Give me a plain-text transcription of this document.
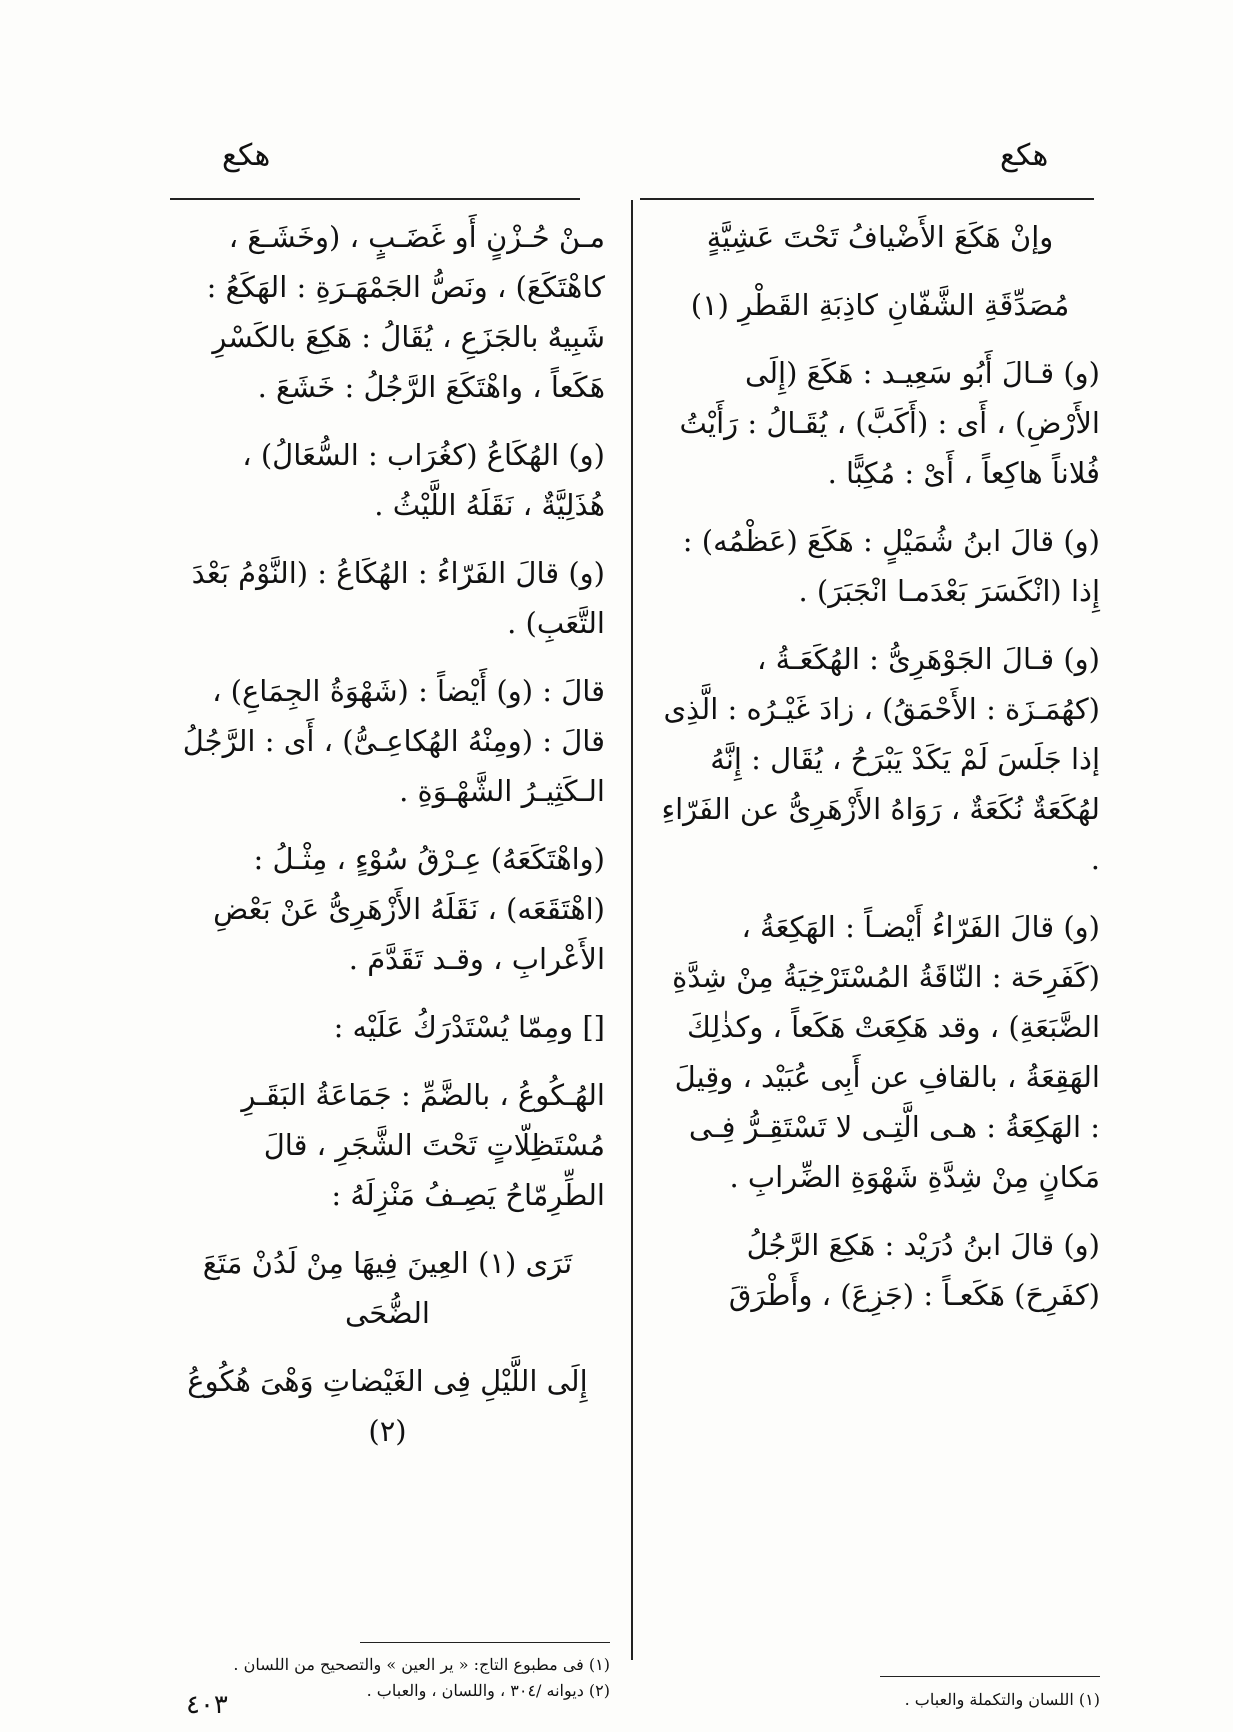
هكع	هكع

وإنْ هَكَعَ الأَضْيافُ تَحْتَ عَشِيَّةٍ

مُصَدِّقَةِ الشَّفّانِ كاذِبَةِ القَطْرِ (١)

(و) قـالَ أَبُو سَعِيـد : هَكَعَ (إِلَى الأَرْضِ) ، أَى : (أَكَبَّ) ، يُقَـالُ : رَأَيْتُ فُلاناً هاكِعاً ، أَىْ : مُكِبًّا .

(و) قالَ ابنُ شُمَيْلٍ : هَكَعَ (عَظْمُه) : إِذا (انْكَسَرَ بَعْدَمـا انْجَبَرَ) .

(و) قـالَ الجَوْهَرِىُّ : الهُكَعَـةُ ، (كهُمَـزَة : الأَحْمَقُ) ، زادَ غَيْـرُه : الَّذِى إذا جَلَسَ لَمْ يَكَدْ يَبْرَحُ ، يُقَال : إِنَّهُ لهُكَعَةٌ نُكَعَةٌ ، رَوَاهُ الأَزْهَرِىُّ عن الفَرّاءِ .

(و) قالَ الفَرّاءُ أَيْضـاً : الهَكِعَةُ ، (كَفَرِحَة : النّاقَةُ المُسْتَرْخِيَةُ مِنْ شِدَّةِ الضَّبَعَةِ) ، وقد هَكِعَتْ هَكَعاً ، وكذٰلِكَ الهَقِعَةُ ، بالقافِ عن أَبِى عُبَيْد ، وقِيلَ : الهَكِعَةُ : هـى الَّتِـى لا تَسْتَقِـرُّ فِـى مَكانٍ مِنْ شِدَّةِ شَهْوَةِ الضِّرابِ .

(و) قالَ ابنُ دُرَيْد : هَكِعَ الرَّجُلُ (كفَرِحَ) هَكَعـاً : (جَزِعَ) ، وأَطْرَقَ

مـنْ حُـزْنٍ أَو غَضَـبٍ ، (وخَشَـعَ ، كاهْتَكَعَ) ، ونَصُّ الجَمْهَـرَةِ : الهَكَعُ : شَبِيهٌ بالجَزَعِ ، يُقَالُ : هَكِعَ بالكَسْرِ هَكَعاً ، واهْتَكَعَ الرَّجُلُ : خَشَعَ .

(و) الهُكَاعُ (كغُرَاب : السُّعَالُ) ، هُذَلِيَّةٌ ، نَقَلَهُ اللَّيْثُ .

(و) قالَ الفَرّاءُ : الهُكَاعُ : (النَّوْمُ بَعْدَ التَّعَبِ) .

قالَ : (و) أَيْضاً : (شَهْوَةُ الجِمَاعِ) ، قالَ : (ومِنْهُ الهُكاعِـىُّ) ، أَى : الرَّجُلُ الـكَثِيـرُ الشَّهْـوَةِ .

(واهْتَكَعَهُ) عِـرْقُ سُوْءٍ ، مِثْـلُ : (اهْتَقَعَه) ، نَقَلَهُ الأَزْهَرِىُّ عَنْ بَعْضِ الأَعْرابِ ، وقـد تَقَدَّمَ .

[] ومِمّا يُسْتَدْرَكُ عَلَيْه :

الهُـكُوعُ ، بالضَّمِّ : جَمَاعَةُ البَقَـرِ مُسْتَظِلّاتٍ تَحْتَ الشَّجَرِ ، قالَ الطِّرِمّاحُ يَصِـفُ مَنْزِلَهُ :

تَرَى (١) العِينَ فِيهَا مِنْ لَدُنْ مَتَعَ الضُّحَى

إِلَى اللَّيْلِ فِى الغَيْضاتِ وَهْىَ هُكُوعُ (٢)

٤٠٣	(١) اللسان والتكملة والعباب .
(١) فى مطبوع التاج: « ير العين » والتصحيح من اللسان .
(٢) ديوانه /٣٠٤ ، واللسان ، والعباب .
